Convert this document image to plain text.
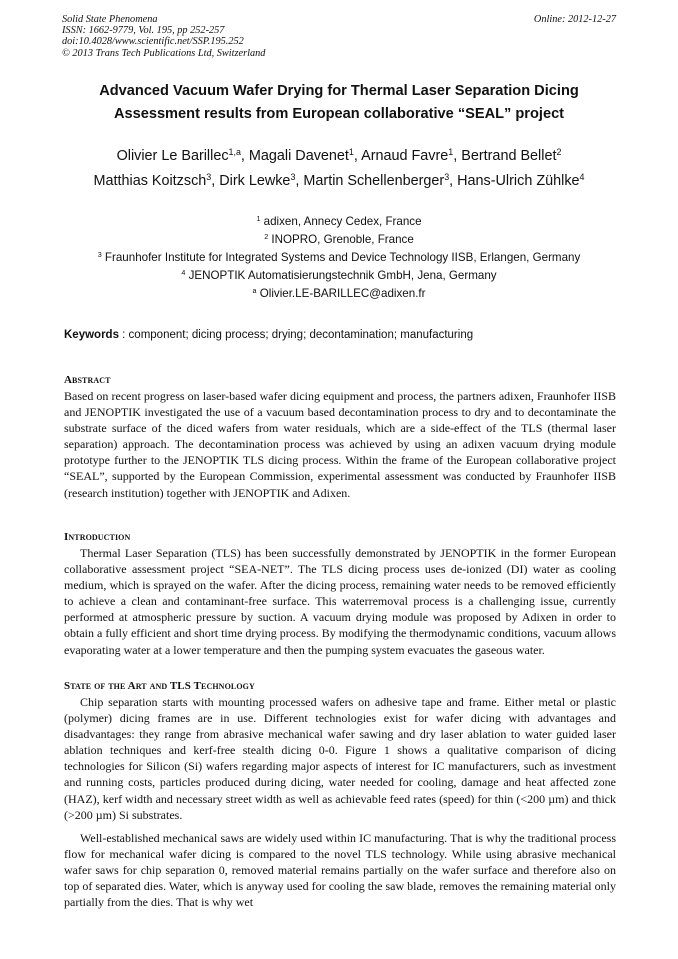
Solid State Phenomena
ISSN: 1662-9779, Vol. 195, pp 252-257
doi:10.4028/www.scientific.net/SSP.195.252
© 2013 Trans Tech Publications Ltd, Switzerland
Online: 2012-12-27
Advanced Vacuum Wafer Drying for Thermal Laser Separation Dicing
Assessment results from European collaborative “SEAL” project
Olivier Le Barillec$^{1,a}$, Magali Davenet$^1$, Arnaud Favre$^1$, Bertrand Bellet$^2$
Matthias Koitzsch$^3$, Dirk Lewke$^3$, Martin Schellenberger$^3$, Hans-Ulrich Zühlke$^4$
$^1$ adixen, Annecy Cedex, France
$^2$ INOPRO, Grenoble, France
$^3$ Fraunhofer Institute for Integrated Systems and Device Technology IISB, Erlangen, Germany
$^4$ JENOPTIK Automatisierungstechnik GmbH, Jena, Germany
$^a$ Olivier.LE-BARILLEC@adixen.fr
Keywords : component; dicing process; drying; decontamination; manufacturing
Abstract

Based on recent progress on laser-based wafer dicing equipment and process, the partners adixen, Fraunhofer IISB and JENOPTIK investigated the use of a vacuum based decontamination process to dry and to decontaminate the substrate surface of the diced wafers from water residuals, which are a side-effect of the TLS (thermal laser separation) approach. The decontamination process was achieved by using an adixen vacuum drying module prototype further to the JENOPTIK TLS dicing process. Within the frame of the European collaborative project “SEAL”, supported by the European Commission, experimental assessment was conducted by Fraunhofer IISB (research institution) together with JENOPTIK and Adixen.

Introduction

Thermal Laser Separation (TLS) has been successfully demonstrated by JENOPTIK in the former European collaborative assessment project “SEA-NET”. The TLS dicing process uses de-ionized (DI) water as cooling medium, which is sprayed on the wafer. After the dicing process, remaining water needs to be removed efficiently to achieve a clean and contaminant-free surface. This waterremoval process is a challenging issue, currently performed at atmospheric pressure by suction. A vacuum drying module was proposed by Adixen in order to obtain a fully efficient and short time drying process. By modifying the thermodynamic conditions, vacuum allows evaporating water at a lower temperature and then the pumping system evacuates the gaseous water.

State of the Art and TLS Technology

Chip separation starts with mounting processed wafers on adhesive tape and frame. Either metal or plastic (polymer) dicing frames are in use. Different technologies exist for wafer dicing with advantages and disadvantages: they range from abrasive mechanical wafer sawing and dry laser ablation to water guided laser ablation techniques and kerf-free stealth dicing 0-0. Figure 1 shows a qualitative comparison of dicing technologies for Silicon (Si) wafers regarding major aspects of interest for IC manufacturers, such as investment and running costs, particles produced during dicing, water needed for cooling, damage and heat affected zone (HAZ), kerf width and necessary street width as well as achievable feed rates (speed) for thin (<200 µm) and thick (>200 µm) Si substrates.

Well-established mechanical saws are widely used within IC manufacturing. That is why the traditional process flow for mechanical wafer dicing is compared to the novel TLS technology. While using abrasive mechanical wafer saws for chip separation 0, removed material remains partially on the wafer surface and therefore also on top of separated dies. Water, which is anyway used for cooling the saw blade, removes the remaining material only partially from the dies. That is why wet
